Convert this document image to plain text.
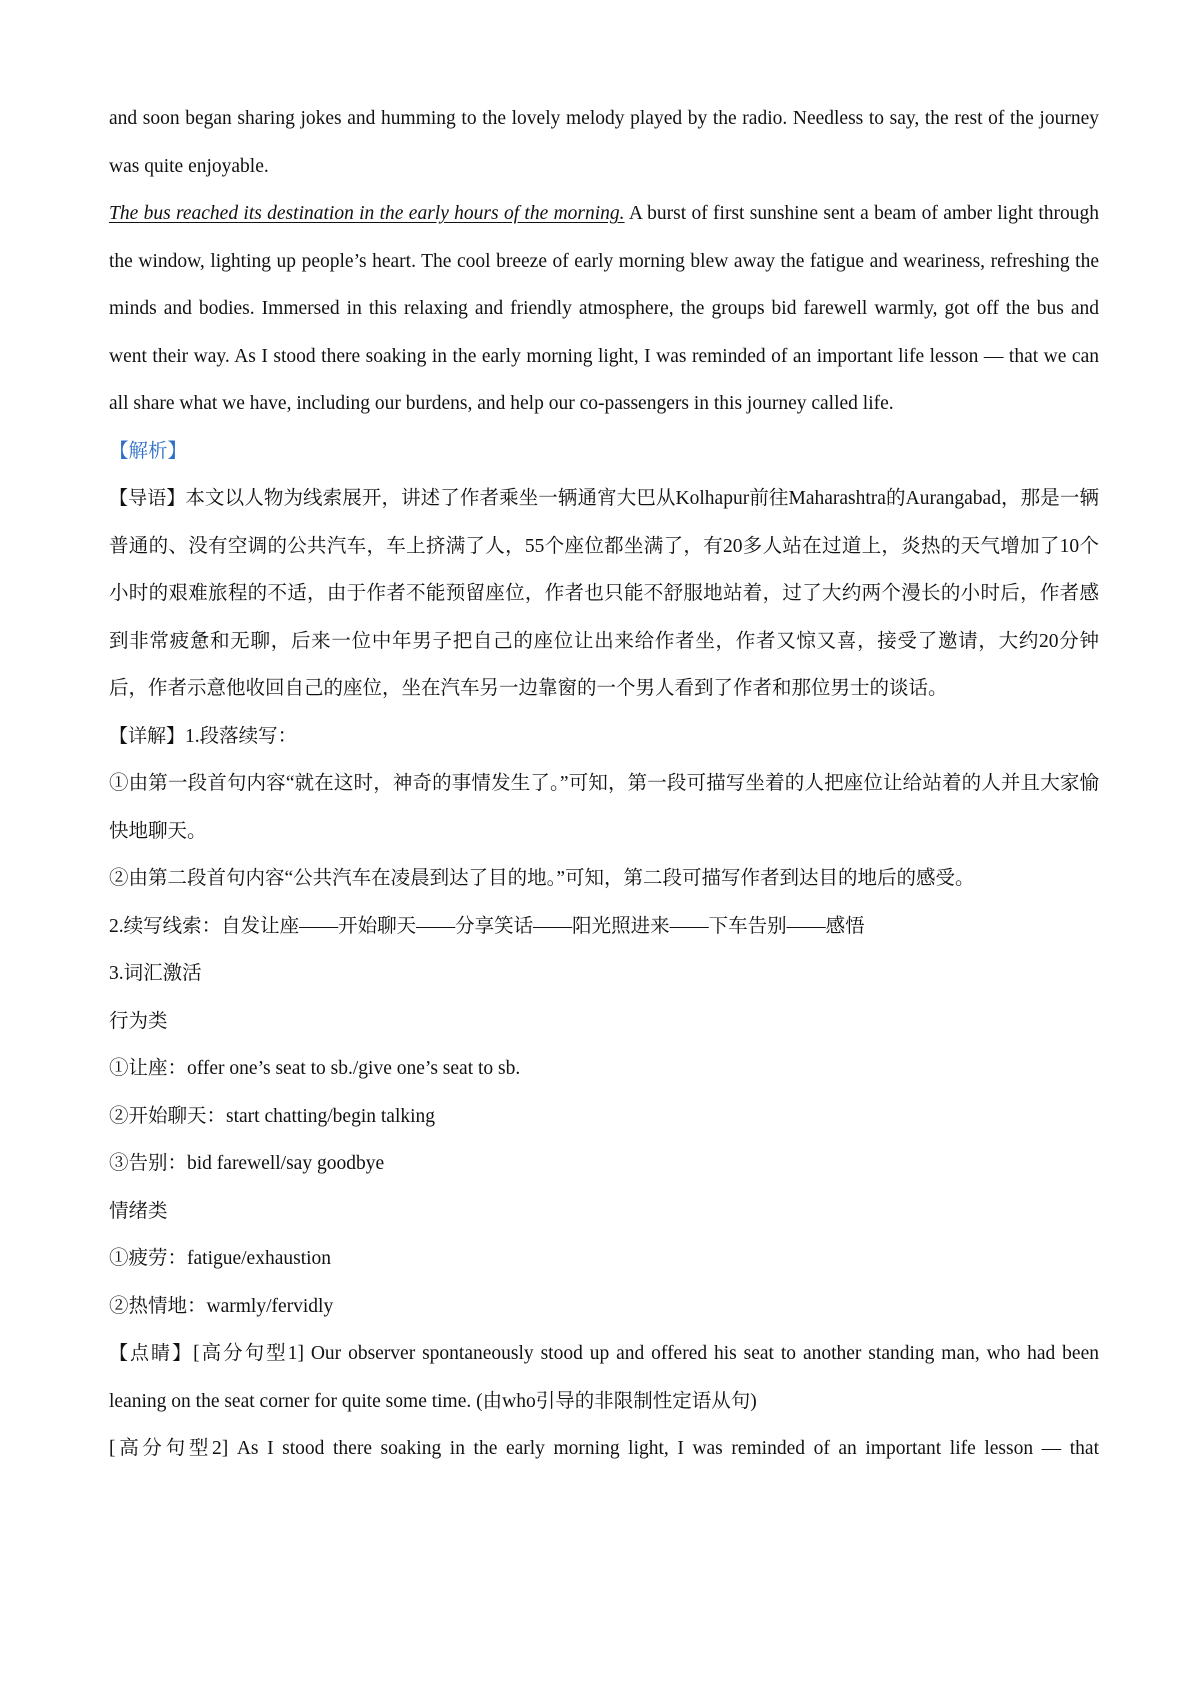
and soon began sharing jokes and humming to the lovely melody played by the radio. Needless to say, the rest of the journey was quite enjoyable.

The bus reached its destination in the early hours of the morning. A burst of first sunshine sent a beam of amber light through the window, lighting up people’s heart. The cool breeze of early morning blew away the fatigue and weariness, refreshing the minds and bodies. Immersed in this relaxing and friendly atmosphere, the groups bid farewell warmly, got off the bus and went their way. As I stood there soaking in the early morning light, I was reminded of an important life lesson — that we can all share what we have, including our burdens, and help our co-passengers in this journey called life.

【解析】

【导语】本文以人物为线索展开，讲述了作者乘坐一辆通宵大巴从Kolhapur前往Maharashtra的Aurangabad，那是一辆普通的、没有空调的公共汽车，车上挤满了人，55个座位都坐满了，有20多人站在过道上，炎热的天气增加了10个小时的艰难旅程的不适，由于作者不能预留座位，作者也只能不舒服地站着，过了大约两个漫长的小时后，作者感到非常疲惫和无聊，后来一位中年男子把自己的座位让出来给作者坐，作者又惊又喜，接受了邀请，大约20分钟后，作者示意他收回自己的座位，坐在汽车另一边靠窗的一个男人看到了作者和那位男士的谈话。

【详解】1.段落续写：

①由第一段首句内容“就在这时，神奇的事情发生了。”可知，第一段可描写坐着的人把座位让给站着的人并且大家愉快地聊天。

②由第二段首句内容“公共汽车在凌晨到达了目的地。”可知，第二段可描写作者到达目的地后的感受。

2.续写线索：自发让座——开始聊天——分享笑话——阳光照进来——下车告别——感悟

3.词汇激活

行为类

①让座：offer one’s seat to sb./give one’s seat to sb.

②开始聊天：start chatting/begin talking

③告别：bid farewell/say goodbye

情绪类

①疲劳：fatigue/exhaustion

②热情地：warmly/fervidly

【点睛】[高分句型1] Our observer spontaneously stood up and offered his seat to another standing man, who had been leaning on the seat corner for quite some time. (由who引导的非限制性定语从句)

[高分句型2] As I stood there soaking in the early morning light, I was reminded of an important life lesson — that
